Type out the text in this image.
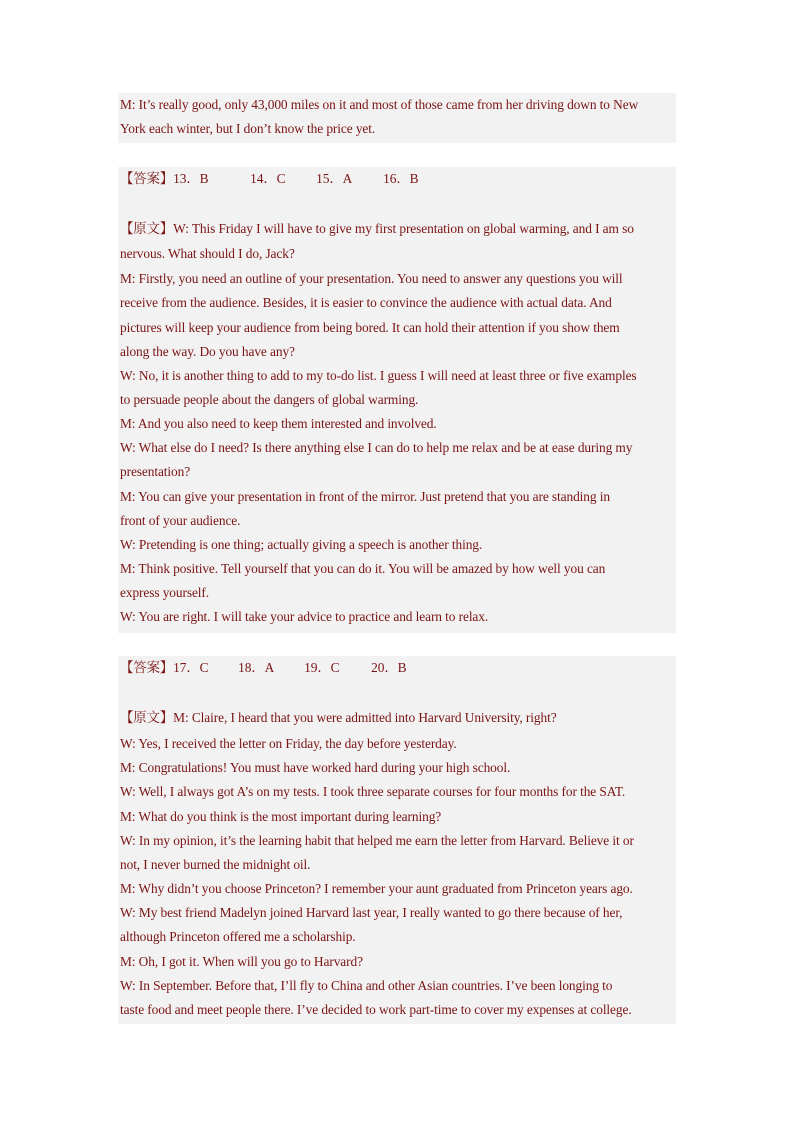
M: It’s really good, only 43,000 miles on it and most of those came from her driving down to New
York each winter, but I don’t know the price yet.
【答案】13．B	14．C 15．A 16．B
【原文】W: This Friday I will have to give my first presentation on global warming, and I am so
nervous. What should I do, Jack?
M: Firstly, you need an outline of your presentation. You need to answer any questions you will
receive from the audience. Besides, it is easier to convince the audience with actual data. And
pictures will keep your audience from being bored. It can hold their attention if you show them
along the way. Do you have any?
W: No, it is another thing to add to my to-do list. I guess I will need at least three or five examples
to persuade people about the dangers of global warming.
M: And you also need to keep them interested and involved.
W: What else do I need? Is there anything else I can do to help me relax and be at ease during my
presentation?
M: You can give your presentation in front of the mirror. Just pretend that you are standing in
front of your audience.
W: Pretending is one thing; actually giving a speech is another thing.
M: Think positive. Tell yourself that you can do it. You will be amazed by how well you can
express yourself.
W: You are right. I will take your advice to practice and learn to relax.
【答案】17．C 18．A 19．C 20．B
【原文】M: Claire, I heard that you were admitted into Harvard University, right?
W: Yes, I received the letter on Friday, the day before yesterday.
M: Congratulations! You must have worked hard during your high school.
W: Well, I always got A’s on my tests. I took three separate courses for four months for the SAT.
M: What do you think is the most important during learning?
W: In my opinion, it’s the learning habit that helped me earn the letter from Harvard. Believe it or
not, I never burned the midnight oil.
M: Why didn’t you choose Princeton? I remember your aunt graduated from Princeton years ago.
W: My best friend Madelyn joined Harvard last year, I really wanted to go there because of her,
although Princeton offered me a scholarship.
M: Oh, I got it. When will you go to Harvard?
W: In September. Before that, I’ll fly to China and other Asian countries. I’ve been longing to
taste food and meet people there. I’ve decided to work part-time to cover my expenses at college.
